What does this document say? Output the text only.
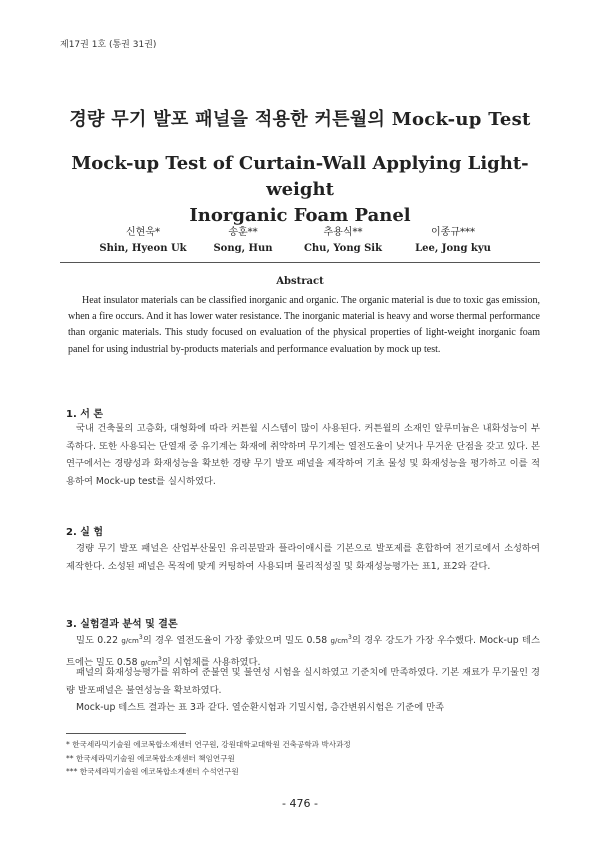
제17권 1호 (통권 31권)
경량 무기 발포 패널을 적용한 커튼월의 Mock-up Test
Mock-up Test of Curtain-Wall Applying Light-weight
Inorganic Foam Panel
신현욱*
Shin, Hyeon Uk
송훈**
Song, Hun
추용식**
Chu, Yong Sik
이종규***
Lee, Jong kyu
Abstract
Heat insulator materials can be classified inorganic and organic. The organic material is due to toxic gas emission, when a fire occurs. And it has lower water resistance. The inorganic material is heavy and worse thermal performance than organic materials. This study focused on evaluation of the physical properties of light-weight inorganic foam panel for using industrial by-products materials and performance evaluation by mock up test.
1. 서 론
국내 건축물의 고층화, 대형화에 따라 커튼월 시스템이 많이 사용된다. 커튼월의 소재인 알루미늄은 내화성능이 부족하다. 또한 사용되는 단열재 중 유기계는 화재에 취약하며 무기계는 열전도율이 낮거나 무거운 단점을 갖고 있다. 본 연구에서는 경량성과 화재성능을 확보한 경량 무기 발포 패널을 제작하여 기초 물성 및 화재성능을 평가하고 이를 적용하여 Mock-up test를 실시하였다.
2. 실 험
경량 무기 발포 패널은 산업부산물인 유리분말과 플라이애시를 기본으로 발포제를 혼합하여 전기로에서 소성하여 제작한다. 소성된 패널은 목적에 맞게 커팅하여 사용되며 물리적성질 및 화재성능평가는 표1, 표2와 같다.
3. 실험결과 분석 및 결론
밀도 0.22 $g/cm^3$의 경우 열전도율이 가장 좋았으며 밀도 0.58 $g/cm^3$의 경우 강도가 가장 우수했다. Mock-up 테스트에는 밀도 0.58 $g/cm^3$의 시험체를 사용하였다.
패널의 화재성능평가를 위하여 준불연 및 불연성 시험을 실시하였고 기준치에 만족하였다. 기본 재료가 무기물인 경량 발포패널은 불연성능을 확보하였다.
Mock-up 테스트 결과는 표 3과 같다. 열순환시험과 기밀시험, 층간변위시험은 기준에 만족
* 한국세라믹기술원 에코복합소재센터 연구원, 강원대학교대학원 건축공학과 박사과정
** 한국세라믹기술원 에코복합소재센터 책임연구원
*** 한국세라믹기술원 에코복합소재센터 수석연구원
- 476 -
